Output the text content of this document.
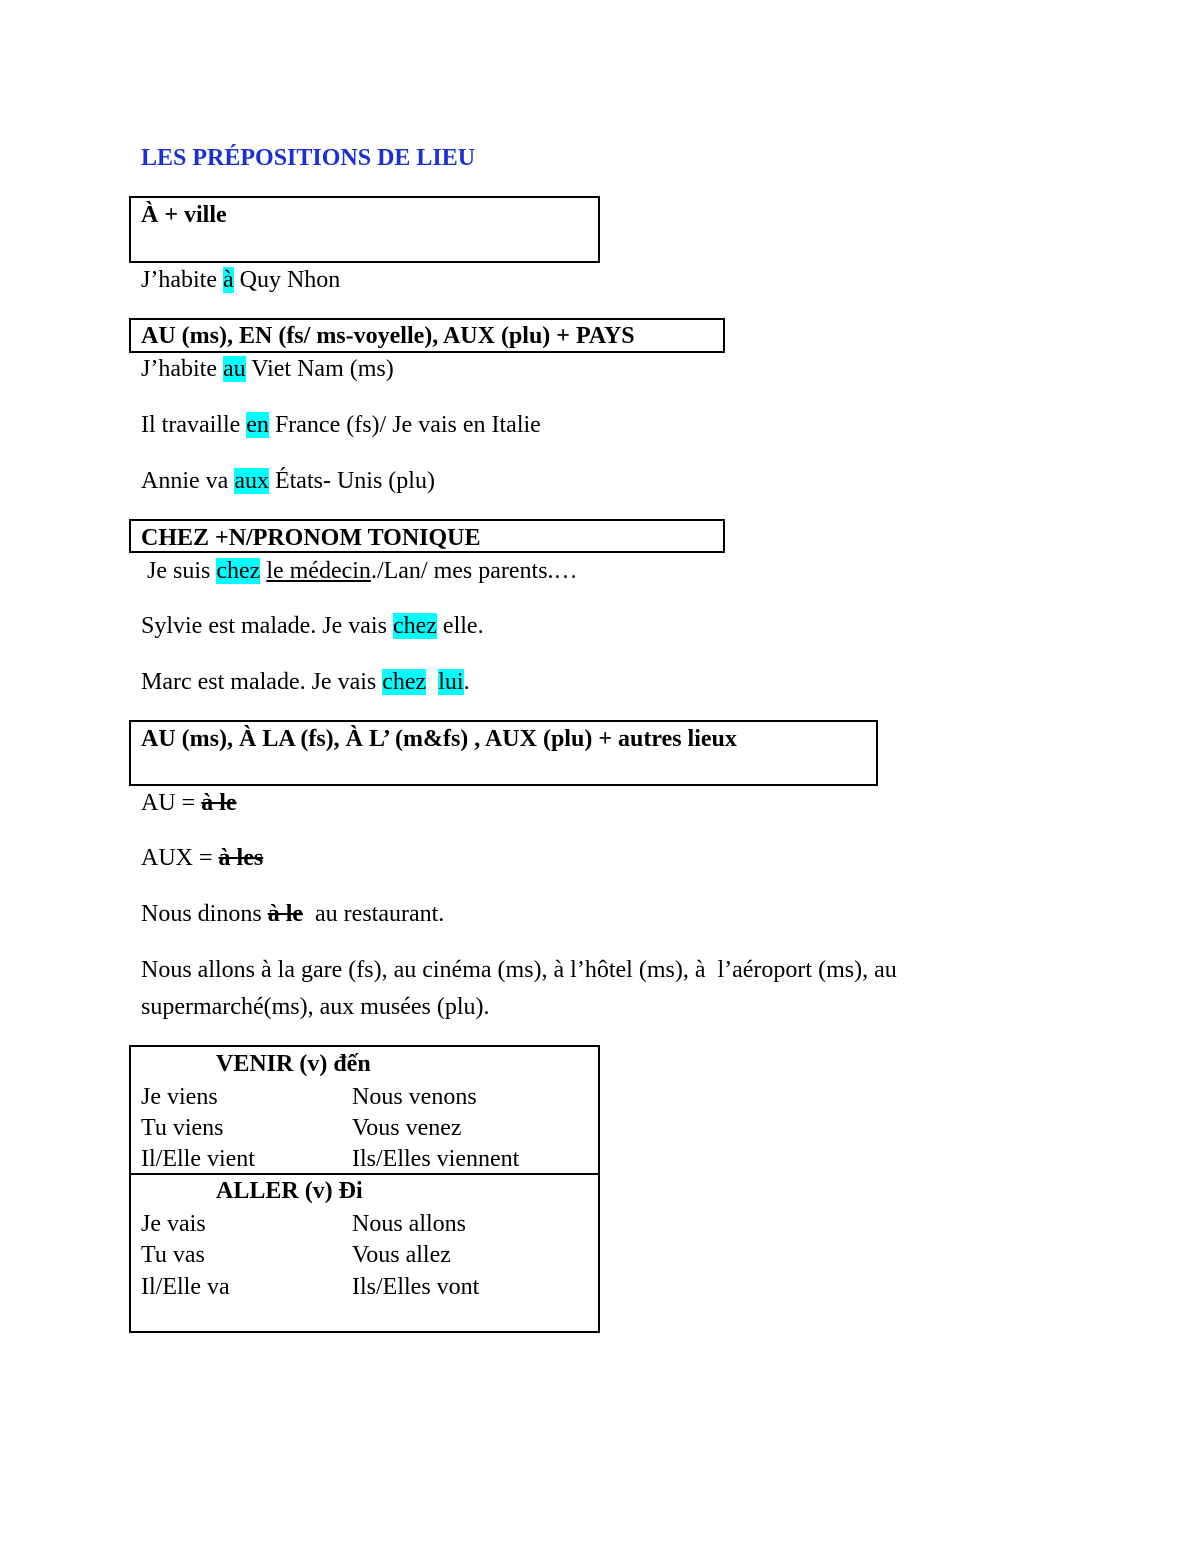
LES PRÉPOSITIONS DE LIEU
À + ville
J’habite à Quy Nhon
AU (ms), EN (fs/ ms-voyelle), AUX (plu) + PAYS
J’habite au Viet Nam (ms)
Il travaille en France (fs)/ Je vais en Italie
Annie va aux États- Unis (plu)
CHEZ +N/PRONOM TONIQUE
Je suis chez le médecin./Lan/ mes parents.…
Sylvie est malade. Je vais chez elle.
Marc est malade. Je vais chez lui.
AU (ms), À LA (fs), À L’ (m&fs) , AUX (plu) + autres lieux
AU = à le
AUX = à les
Nous dinons à le  au restaurant.
Nous allons à la gare (fs), au cinéma (ms), à l’hôtel (ms), à  l’aéroport (ms), au
supermarché(ms), aux musées (plu).
VENIR (v) đến
Je viens	Nous venons
Tu viens	Vous venez
Il/Elle vient	Ils/Elles viennent
ALLER (v) Đi
Je vais	Nous allons
Tu vas	Vous allez
Il/Elle va	Ils/Elles vont
